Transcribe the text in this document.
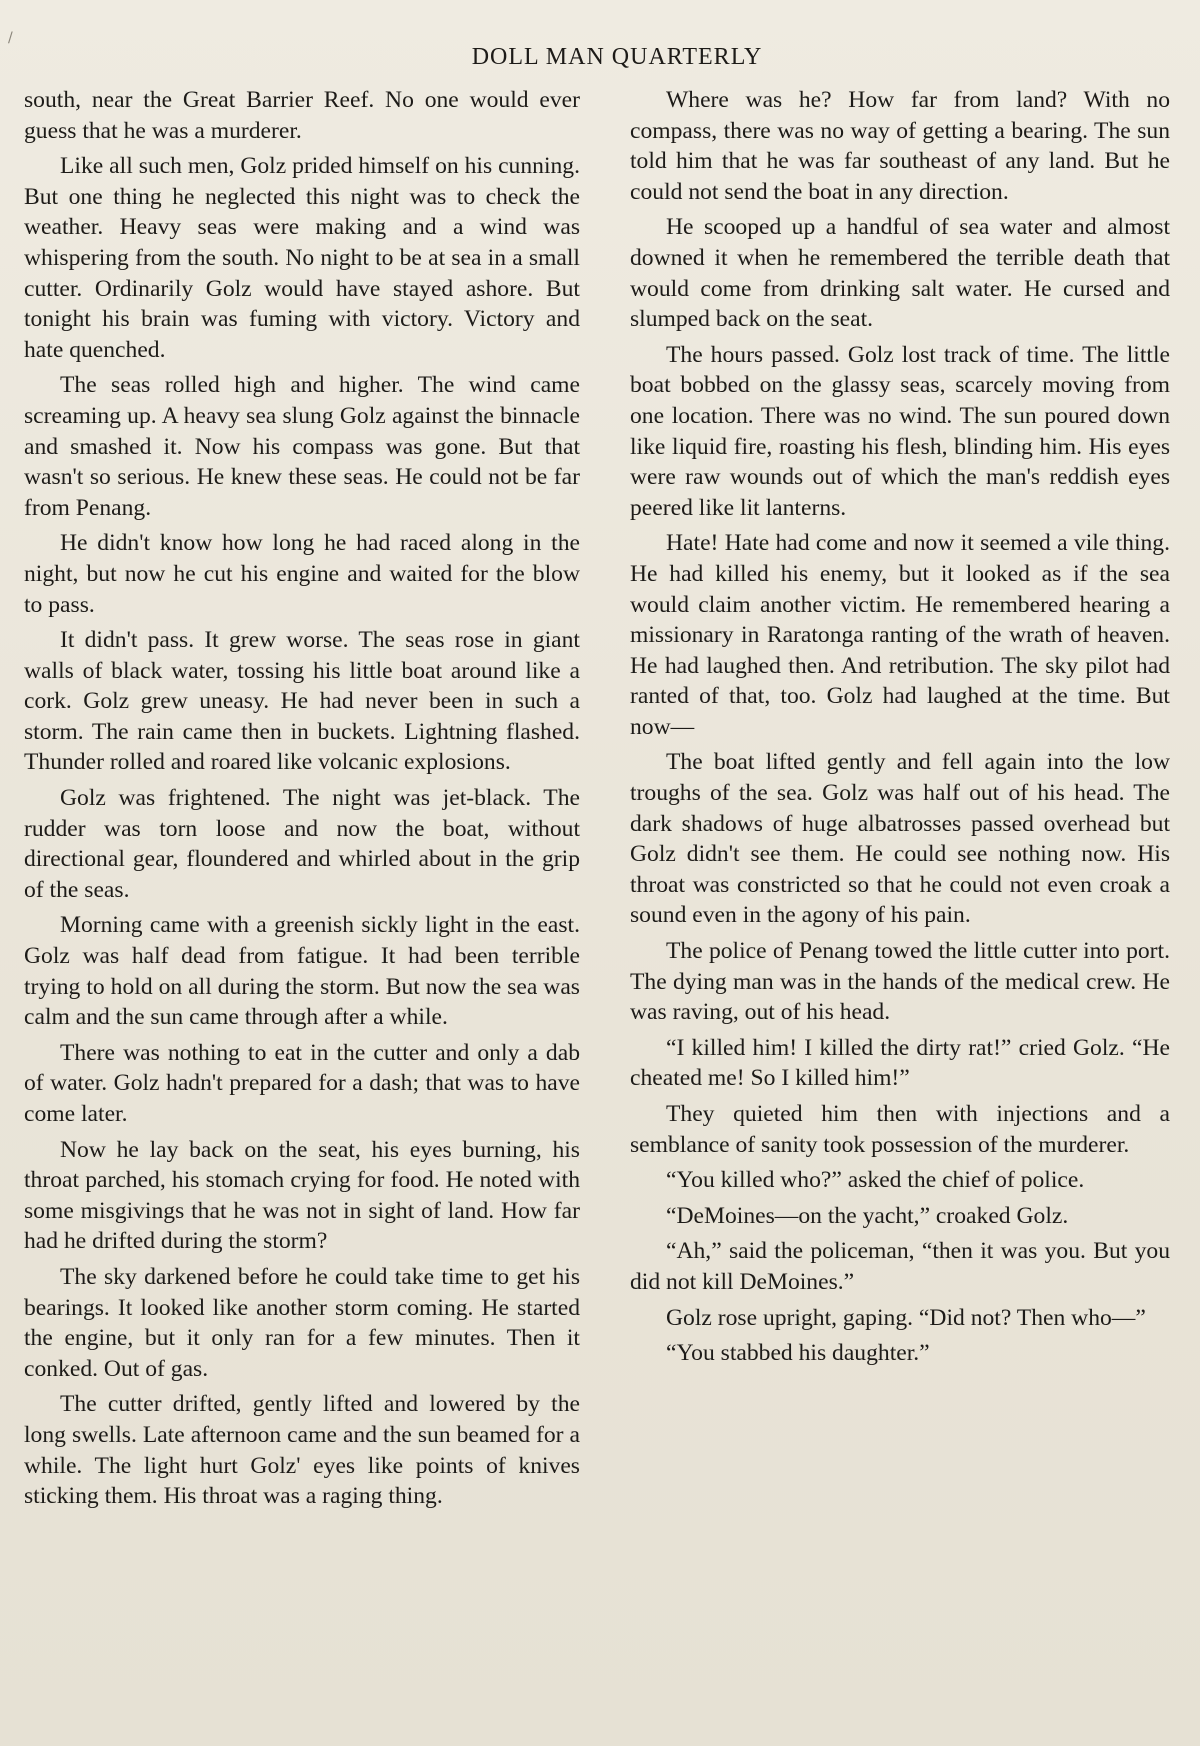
/
DOLL MAN QUARTERLY

south, near the Great Barrier Reef. No one would ever guess that he was a murderer.

Like all such men, Golz prided himself on his cunning. But one thing he neglected this night was to check the weather. Heavy seas were making and a wind was whispering from the south. No night to be at sea in a small cutter. Ordinarily Golz would have stayed ashore. But tonight his brain was fuming with victory. Victory and hate quenched.

The seas rolled high and higher. The wind came screaming up. A heavy sea slung Golz against the binnacle and smashed it. Now his compass was gone. But that wasn't so serious. He knew these seas. He could not be far from Penang.

He didn't know how long he had raced along in the night, but now he cut his engine and waited for the blow to pass.

It didn't pass. It grew worse. The seas rose in giant walls of black water, tossing his little boat around like a cork. Golz grew uneasy. He had never been in such a storm. The rain came then in buckets. Lightning flashed. Thunder rolled and roared like volcanic explosions.

Golz was frightened. The night was jet-black. The rudder was torn loose and now the boat, without directional gear, floundered and whirled about in the grip of the seas.

Morning came with a greenish sickly light in the east. Golz was half dead from fatigue. It had been terrible trying to hold on all during the storm. But now the sea was calm and the sun came through after a while.

There was nothing to eat in the cutter and only a dab of water. Golz hadn't prepared for a dash; that was to have come later.

Now he lay back on the seat, his eyes burning, his throat parched, his stomach crying for food. He noted with some misgivings that he was not in sight of land. How far had he drifted during the storm?

The sky darkened before he could take time to get his bearings. It looked like another storm coming. He started the engine, but it only ran for a few minutes. Then it conked. Out of gas.

The cutter drifted, gently lifted and lowered by the long swells. Late afternoon came and the sun beamed for a while. The light hurt Golz' eyes like points of knives sticking them. His throat was a raging thing.

Where was he? How far from land? With no compass, there was no way of getting a bearing. The sun told him that he was far southeast of any land. But he could not send the boat in any direction.

He scooped up a handful of sea water and almost downed it when he remembered the terrible death that would come from drinking salt water. He cursed and slumped back on the seat.

The hours passed. Golz lost track of time. The little boat bobbed on the glassy seas, scarcely moving from one location. There was no wind. The sun poured down like liquid fire, roasting his flesh, blinding him. His eyes were raw wounds out of which the man's reddish eyes peered like lit lanterns.

Hate! Hate had come and now it seemed a vile thing. He had killed his enemy, but it looked as if the sea would claim another victim. He remembered hearing a missionary in Raratonga ranting of the wrath of heaven. He had laughed then. And retribution. The sky pilot had ranted of that, too. Golz had laughed at the time. But now—

The boat lifted gently and fell again into the low troughs of the sea. Golz was half out of his head. The dark shadows of huge albatrosses passed overhead but Golz didn't see them. He could see nothing now. His throat was constricted so that he could not even croak a sound even in the agony of his pain.

The police of Penang towed the little cutter into port. The dying man was in the hands of the medical crew. He was raving, out of his head.

“I killed him! I killed the dirty rat!” cried Golz. “He cheated me! So I killed him!”

They quieted him then with injections and a semblance of sanity took possession of the murderer.

“You killed who?” asked the chief of police.

“DeMoines—on the yacht,” croaked Golz.

“Ah,” said the policeman, “then it was you. But you did not kill DeMoines.”

Golz rose upright, gaping. “Did not? Then who—”

“You stabbed his daughter.”
